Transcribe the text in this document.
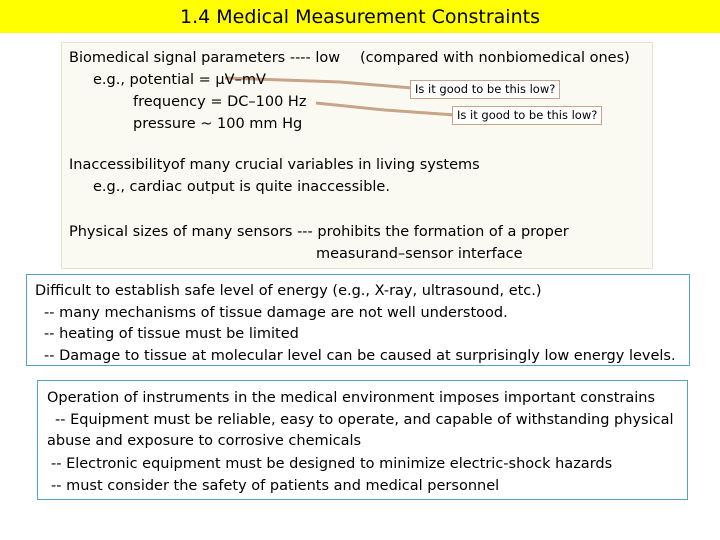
1.4 Medical Measurement Constraints
Biomedical signal parameters ---- low (compared with nonbiomedical ones)
e.g., potential = µV–mV
frequency = DC–100 Hz
pressure ~ 100 mm Hg
Is it good to be this low?
Is it good to be this low?
Inaccessibilityof many crucial variables in living systems
e.g., cardiac output is quite inaccessible.
Physical sizes of many sensors --- prohibits the formation of a proper
measurand–sensor interface
Difficult to establish safe level of energy (e.g., X-ray, ultrasound, etc.)
-- many mechanisms of tissue damage are not well understood.
-- heating of tissue must be limited
-- Damage to tissue at molecular level can be caused at surprisingly low energy levels.
Operation of instruments in the medical environment imposes important constrains
-- Equipment must be reliable, easy to operate, and capable of withstanding physical
abuse and exposure to corrosive chemicals
-- Electronic equipment must be designed to minimize electric-shock hazards
-- must consider the safety of patients and medical personnel
